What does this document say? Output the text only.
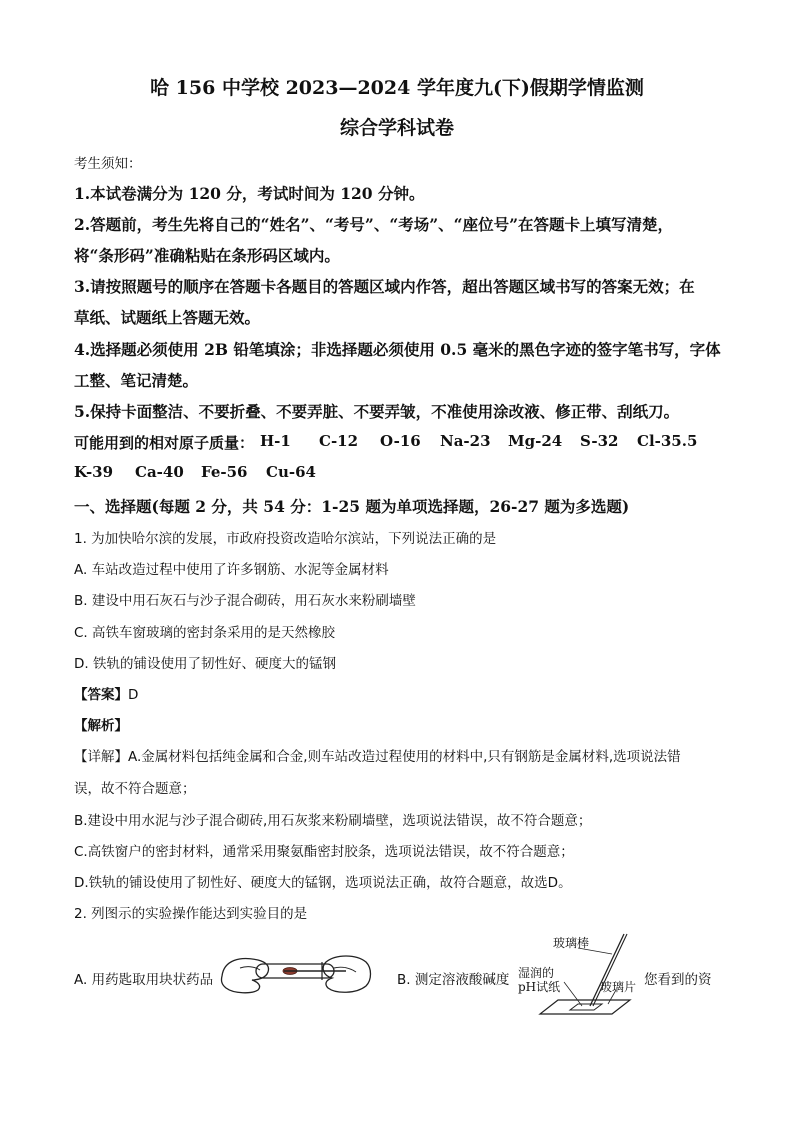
哈 156 中学校 2023—2024 学年度九(下)假期学情监测
综合学科试卷
考生须知：
1.本试卷满分为 120 分，考试时间为 120 分钟。
2.答题前，考生先将自己的“姓名”、“考号”、“考场”、“座位号”在答题卡上填写清楚，
将“条形码”准确粘贴在条形码区域内。
3.请按照题号的顺序在答题卡各题目的答题区域内作答，超出答题区域书写的答案无效；在
草纸、试题纸上答题无效。
4.选择题必须使用 2B 铅笔填涂；非选择题必须使用 0.5 毫米的黑色字迹的签字笔书写，字体
工整、笔记清楚。
5.保持卡面整洁、不要折叠、不要弄脏、不要弄皱，不准使用涂改液、修正带、刮纸刀。
可能用到的相对原子质量： H-1 C-12 O-16 Na-23 Mg-24 S-32 Cl-35.5
K-39 Ca-40 Fe-56 Cu-64
一、选择题(每题 2 分，共 54 分：1-25 题为单项选择题，26-27 题为多选题)
1. 为加快哈尔滨的发展，市政府投资改造哈尔滨站，下列说法正确的是
A. 车站改造过程中使用了许多钢筋、水泥等金属材料
B. 建设中用石灰石与沙子混合砌砖，用石灰水来粉刷墙壁
C. 高铁车窗玻璃的密封条采用的是天然橡胶
D. 铁轨的铺设使用了韧性好、硬度大的锰钢
【答案】D
【解析】
【详解】A.金属材料包括纯金属和合金,则车站改造过程使用的材料中,只有钢筋是金属材料,选项说法错
误，故不符合题意；
B.建设中用水泥与沙子混合砌砖,用石灰浆来粉刷墙壁，选项说法错误，故不符合题意；
C.高铁窗户的密封材料，通常采用聚氨酯密封胶条，选项说法错误，故不符合题意；
D.铁轨的铺设使用了韧性好、硬度大的锰钢，选项说法正确，故符合题意，故选D。
2. 列图示的实验操作能达到实验目的是
A. 用药匙取用块状药品	B. 测定溶液酸碱度
玻璃棒
湿润的
pH试纸	玻璃片 您看到的资
